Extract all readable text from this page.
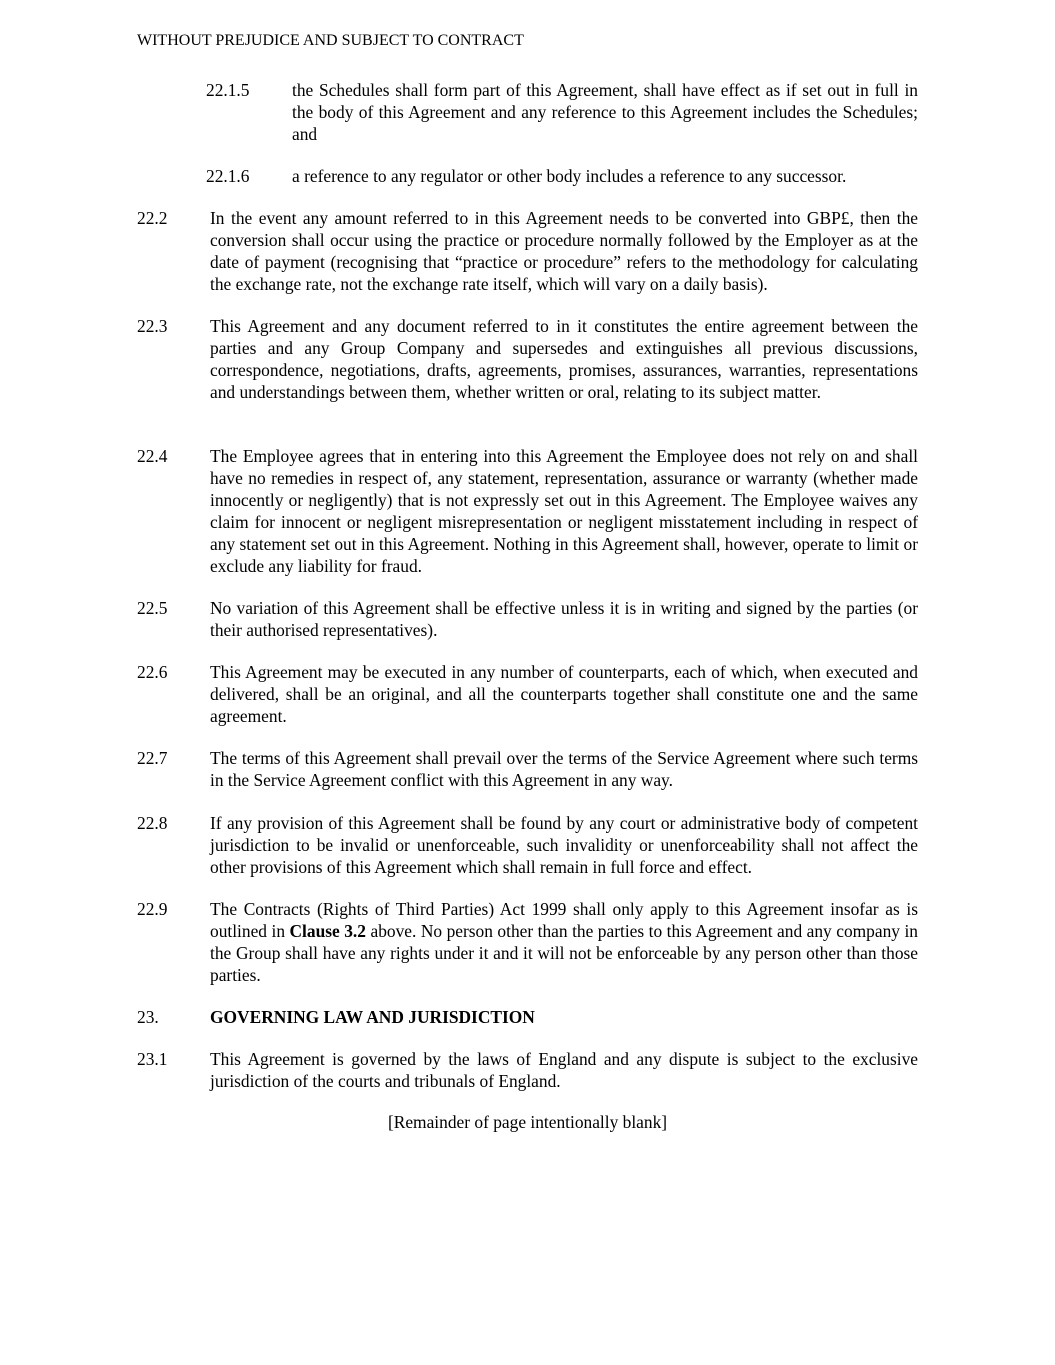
WITHOUT PREJUDICE AND SUBJECT TO CONTRACT
22.1.5 the Schedules shall form part of this Agreement, shall have effect as if set out in full in the body of this Agreement and any reference to this Agreement includes the Schedules; and
22.1.6 a reference to any regulator or other body includes a reference to any successor.
22.2 In the event any amount referred to in this Agreement needs to be converted into GBP£, then the conversion shall occur using the practice or procedure normally followed by the Employer as at the date of payment (recognising that “practice or procedure” refers to the methodology for calculating the exchange rate, not the exchange rate itself, which will vary on a daily basis).
22.3 This Agreement and any document referred to in it constitutes the entire agreement between the parties and any Group Company and supersedes and extinguishes all previous discussions, correspondence, negotiations, drafts, agreements, promises, assurances, warranties, representations and understandings between them, whether written or oral, relating to its subject matter.
22.4 The Employee agrees that in entering into this Agreement the Employee does not rely on and shall have no remedies in respect of, any statement, representation, assurance or warranty (whether made innocently or negligently) that is not expressly set out in this Agreement. The Employee waives any claim for innocent or negligent misrepresentation or negligent misstatement including in respect of any statement set out in this Agreement. Nothing in this Agreement shall, however, operate to limit or exclude any liability for fraud.
22.5 No variation of this Agreement shall be effective unless it is in writing and signed by the parties (or their authorised representatives).
22.6 This Agreement may be executed in any number of counterparts, each of which, when executed and delivered, shall be an original, and all the counterparts together shall constitute one and the same agreement.
22.7 The terms of this Agreement shall prevail over the terms of the Service Agreement where such terms in the Service Agreement conflict with this Agreement in any way.
22.8 If any provision of this Agreement shall be found by any court or administrative body of competent jurisdiction to be invalid or unenforceable, such invalidity or unenforceability shall not affect the other provisions of this Agreement which shall remain in full force and effect.
22.9 The Contracts (Rights of Third Parties) Act 1999 shall only apply to this Agreement insofar as is outlined in Clause 3.2 above. No person other than the parties to this Agreement and any company in the Group shall have any rights under it and it will not be enforceable by any person other than those parties.
23.	GOVERNING LAW AND JURISDICTION
23.1 This Agreement is governed by the laws of England and any dispute is subject to the exclusive jurisdiction of the courts and tribunals of England.
[Remainder of page intentionally blank]
